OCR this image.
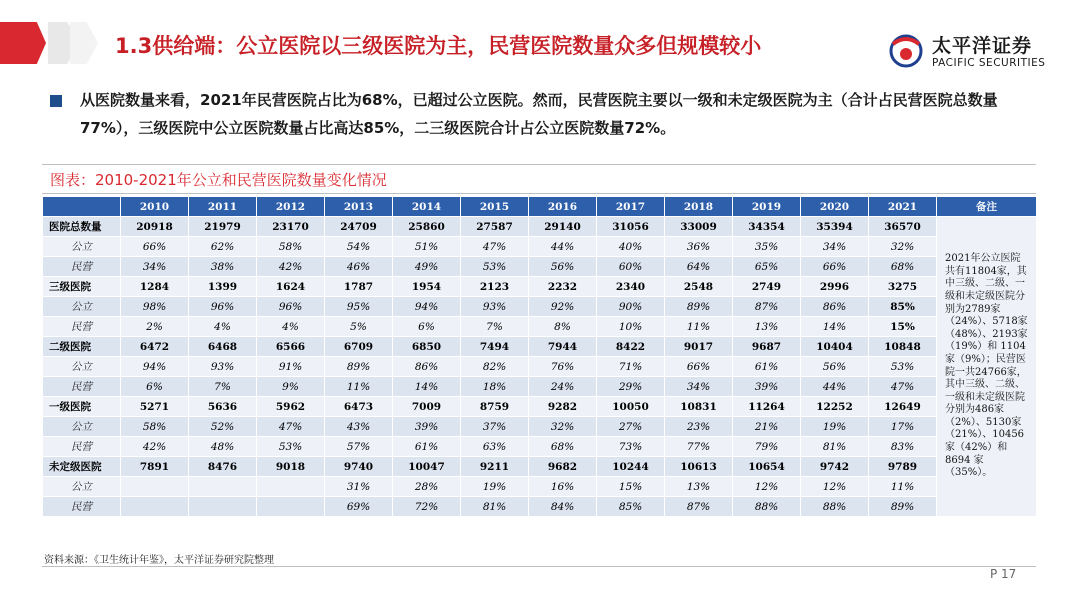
1.3供给端：公立医院以三级医院为主，民营医院数量众多但规模较小	太平洋证券
PACIFIC SECURITIES
从医院数量来看，2021年民营医院占比为68%，已超过公立医院。然而，民营医院主要以一级和未定级医院为主（合计占民营医院总数量77%），三级医院中公立医院数量占比高达85%，二三级医院合计占公立医院数量72%。
图表：2010-2021年公立和民营医院数量变化情况
	2010	2011	2012	2013	2014	2015	2016	2017	2018	2019	2020	2021	备注
医院总数量	20918	21979	23170	24709	25860	27587	29140	31056	33009	34354	35394	36570	2021年公立医院共有11804家，其中三级、二级、一级和未定级医院分别为2789家（24%）、5718家（48%）、2193家（19%）和 1104 家（9%）；民营医院一共24766家，其中三级、二级、一级和未定级医院分别为486家（2%）、5130家（21%）、10456家（42%）和 8694 家（35%）。
公立	66%	62%	58%	54%	51%	47%	44%	40%	36%	35%	34%	32%	
民营	34%	38%	42%	46%	49%	53%	56%	60%	64%	65%	66%	68%	
三级医院	1284	1399	1624	1787	1954	2123	2232	2340	2548	2749	2996	3275	
公立	98%	96%	96%	95%	94%	93%	92%	90%	89%	87%	86%	85%	
民营	2%	4%	4%	5%	6%	7%	8%	10%	11%	13%	14%	15%	
二级医院	6472	6468	6566	6709	6850	7494	7944	8422	9017	9687	10404	10848	
公立	94%	93%	91%	89%	86%	82%	76%	71%	66%	61%	56%	53%	
民营	6%	7%	9%	11%	14%	18%	24%	29%	34%	39%	44%	47%	
一级医院	5271	5636	5962	6473	7009	8759	9282	10050	10831	11264	12252	12649	
公立	58%	52%	47%	43%	39%	37%	32%	27%	23%	21%	19%	17%	
民营	42%	48%	53%	57%	61%	63%	68%	73%	77%	79%	81%	83%	
未定级医院	7891	8476	9018	9740	10047	9211	9682	10244	10613	10654	9742	9789	
公立				31%	28%	19%	16%	15%	13%	12%	12%	11%	
民营				69%	72%	81%	84%	85%	87%	88%	88%	89%	
资料来源：《卫生统计年鉴》，太平洋证券研究院整理
P 17
